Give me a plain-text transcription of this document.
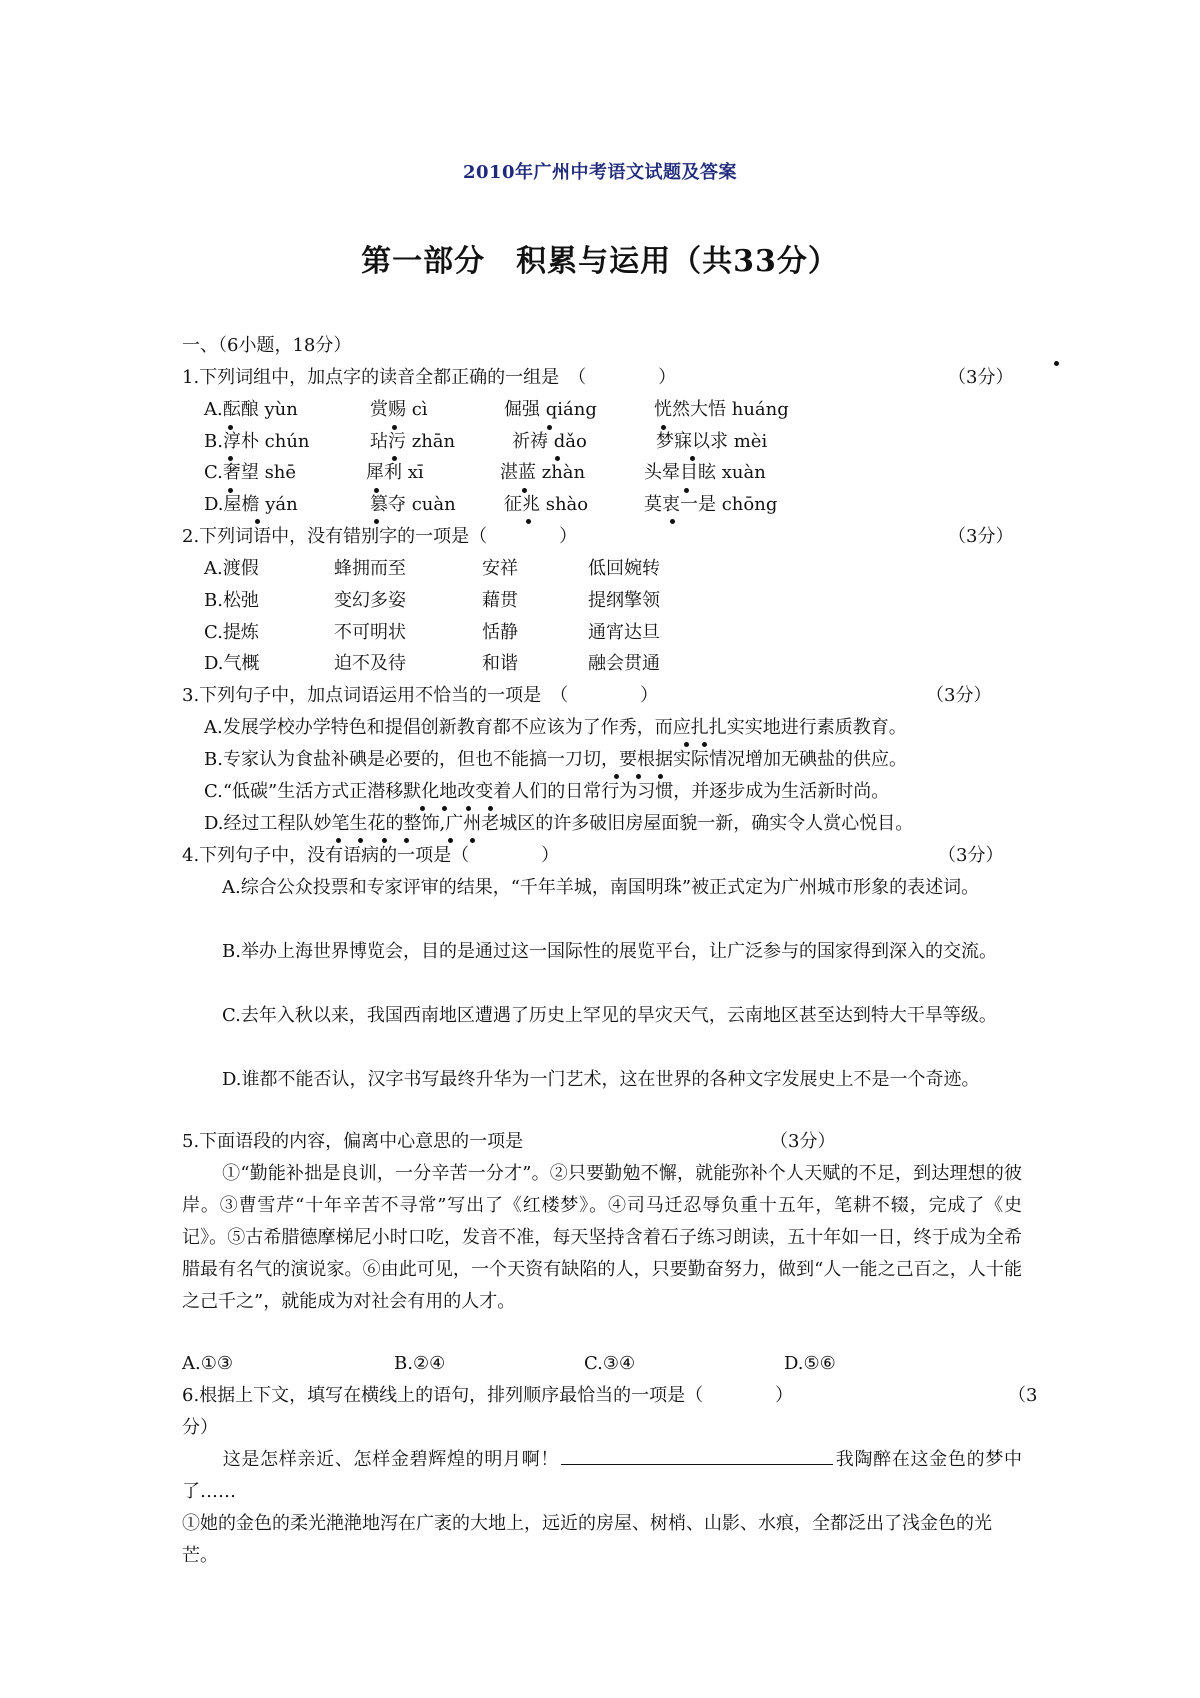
2010年广州中考语文试题及答案
第一部分　积累与运用（共33分）
一、（6小题，18分）
1.下列词组中，加点字的读音全都正确的一组是　（　　　　）	（3分）
A.酝酿 yùn	赏赐 cì	倔强 qiáng	恍然大悟 huáng
B.淳朴 chún	玷污 zhān	祈祷 dǎo	梦寐以求 mèi
C.奢望 shē	犀利 xī	湛蓝 zhàn	头晕目眩 xuàn
D.屋檐 yán	篡夺 cuàn	征兆 shào	莫衷一是 chōng
2.下列词语中，没有错别字的一项是（　　　　）	（3分）
A.渡假	蜂拥而至	安祥	低回婉转
B.松弛	变幻多姿	藉贯	提纲擎领
C.提炼	不可明状	恬静	通宵达旦
D.气概	迫不及待	和谐	融会贯通
3.下列句子中，加点词语运用不恰当的一项是　（　　　　）	（3分）
A.发展学校办学特色和提倡创新教育都不应该为了作秀，而应扎扎实实地进行素质教育。
B.专家认为食盐补碘是必要的，但也不能搞一刀切，要根据实际情况增加无碘盐的供应。
C.“低碳”生活方式正潜移默化地改变着人们的日常行为习惯，并逐步成为生活新时尚。
D.经过工程队妙笔生花的整饰,广州老城区的许多破旧房屋面貌一新，确实令人赏心悦目。
4.下列句子中，没有语病的一项是（　　　　）	（3分）
A.综合公众投票和专家评审的结果，“千年羊城，南国明珠”被正式定为广州城市形象的表述词。
B.举办上海世界博览会，目的是通过这一国际性的展览平台，让广泛参与的国家得到深入的交流。
C.去年入秋以来，我国西南地区遭遇了历史上罕见的旱灾天气，云南地区甚至达到特大干旱等级。
D.谁都不能否认，汉字书写最终升华为一门艺术，这在世界的各种文字发展史上不是一个奇迹。
5.下面语段的内容，偏离中心意思的一项是	（3分）
①“勤能补拙是良训，一分辛苦一分才”。②只要勤勉不懈，就能弥补个人天赋的不足，到达理想的彼岸。③曹雪芹“十年辛苦不寻常”写出了《红楼梦》。④司马迁忍辱负重十五年，笔耕不辍，完成了《史记》。⑤古希腊德摩梯尼小时口吃，发音不准，每天坚持含着石子练习朗读，五十年如一日，终于成为全希腊最有名气的演说家。⑥由此可见，一个天资有缺陷的人，只要勤奋努力，做到“人一能之己百之，人十能之己千之”，就能成为对社会有用的人才。
A.①③	B.②④	C.③④	D.⑤⑥
6.根据上下文，填写在横线上的语句，排列顺序最恰当的一项是（　　　　）	（3
分）
这是怎样亲近、怎样金碧辉煌的明月啊！	我陶醉在这金色的梦中了……
①她的金色的柔光滟滟地泻在广袤的大地上，远近的房屋、树梢、山影、水痕，全都泛出了浅金色的光芒。
